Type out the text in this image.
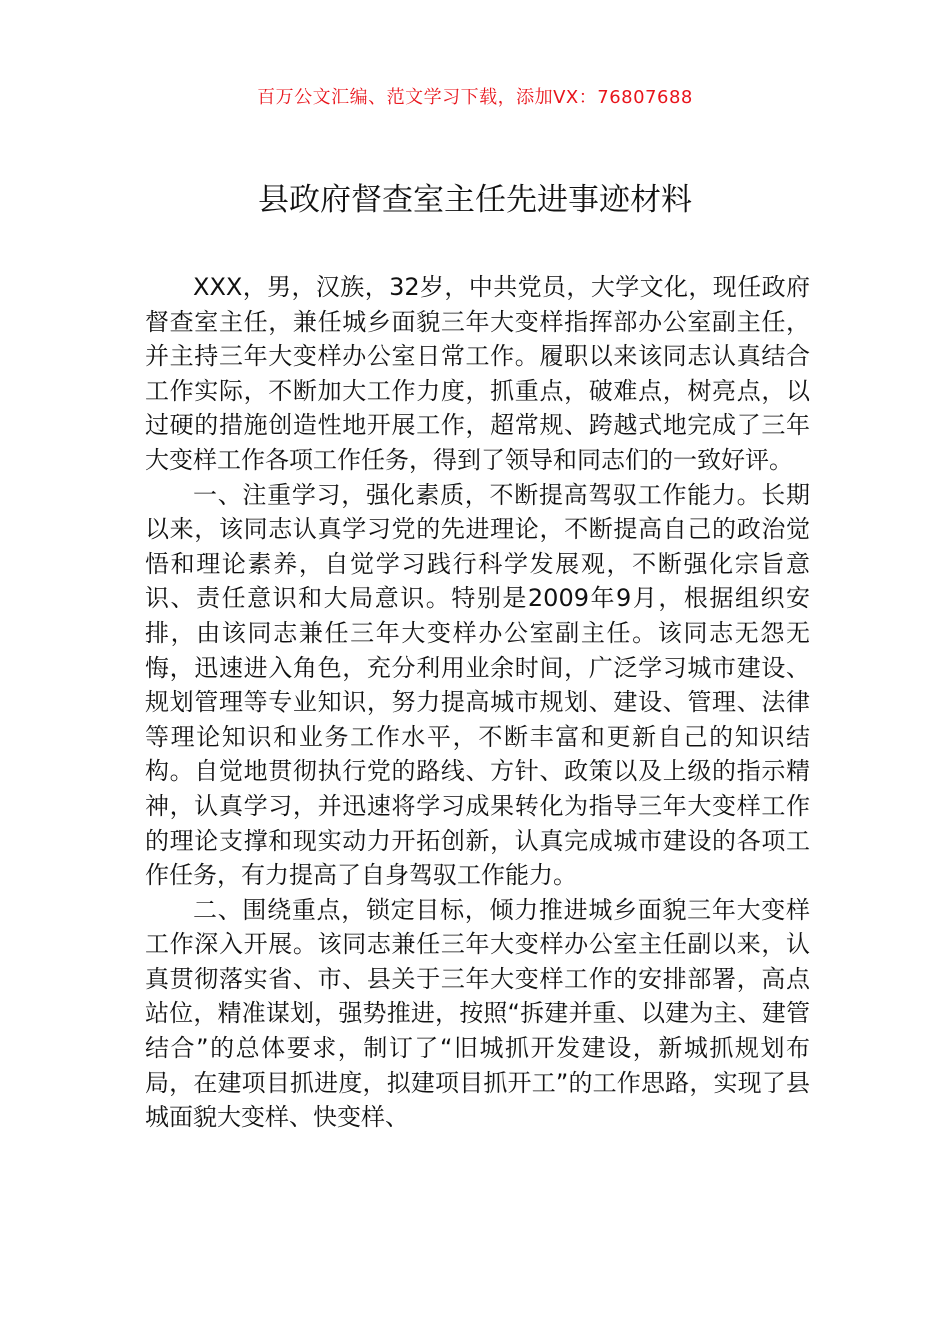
百万公文汇编、范文学习下载，添加VX：76807688
县政府督查室主任先进事迹材料

XXX，男，汉族，32岁，中共党员，大学文化，现任政府督查室主任，兼任城乡面貌三年大变样指挥部办公室副主任，并主持三年大变样办公室日常工作。履职以来该同志认真结合工作实际，不断加大工作力度，抓重点，破难点，树亮点，以过硬的措施创造性地开展工作，超常规、跨越式地完成了三年大变样工作各项工作任务，得到了领导和同志们的一致好评。

一、注重学习，强化素质，不断提高驾驭工作能力。长期以来，该同志认真学习党的先进理论，不断提高自己的政治觉悟和理论素养，自觉学习践行科学发展观，不断强化宗旨意识、责任意识和大局意识。特别是2009年9月，根据组织安排，由该同志兼任三年大变样办公室副主任。该同志无怨无悔，迅速进入角色，充分利用业余时间，广泛学习城市建设、规划管理等专业知识，努力提高城市规划、建设、管理、法律等理论知识和业务工作水平，不断丰富和更新自己的知识结构。自觉地贯彻执行党的路线、方针、政策以及上级的指示精神，认真学习，并迅速将学习成果转化为指导三年大变样工作的理论支撑和现实动力开拓创新，认真完成城市建设的各项工作任务，有力提高了自身驾驭工作能力。

二、围绕重点，锁定目标，倾力推进城乡面貌三年大变样工作深入开展。该同志兼任三年大变样办公室主任副以来，认真贯彻落实省、市、县关于三年大变样工作的安排部署，高点站位，精准谋划，强势推进，按照“拆建并重、以建为主、建管结合”的总体要求，制订了“旧城抓开发建设，新城抓规划布局，在建项目抓进度，拟建项目抓开工”的工作思路，实现了县城面貌大变样、快变样、
